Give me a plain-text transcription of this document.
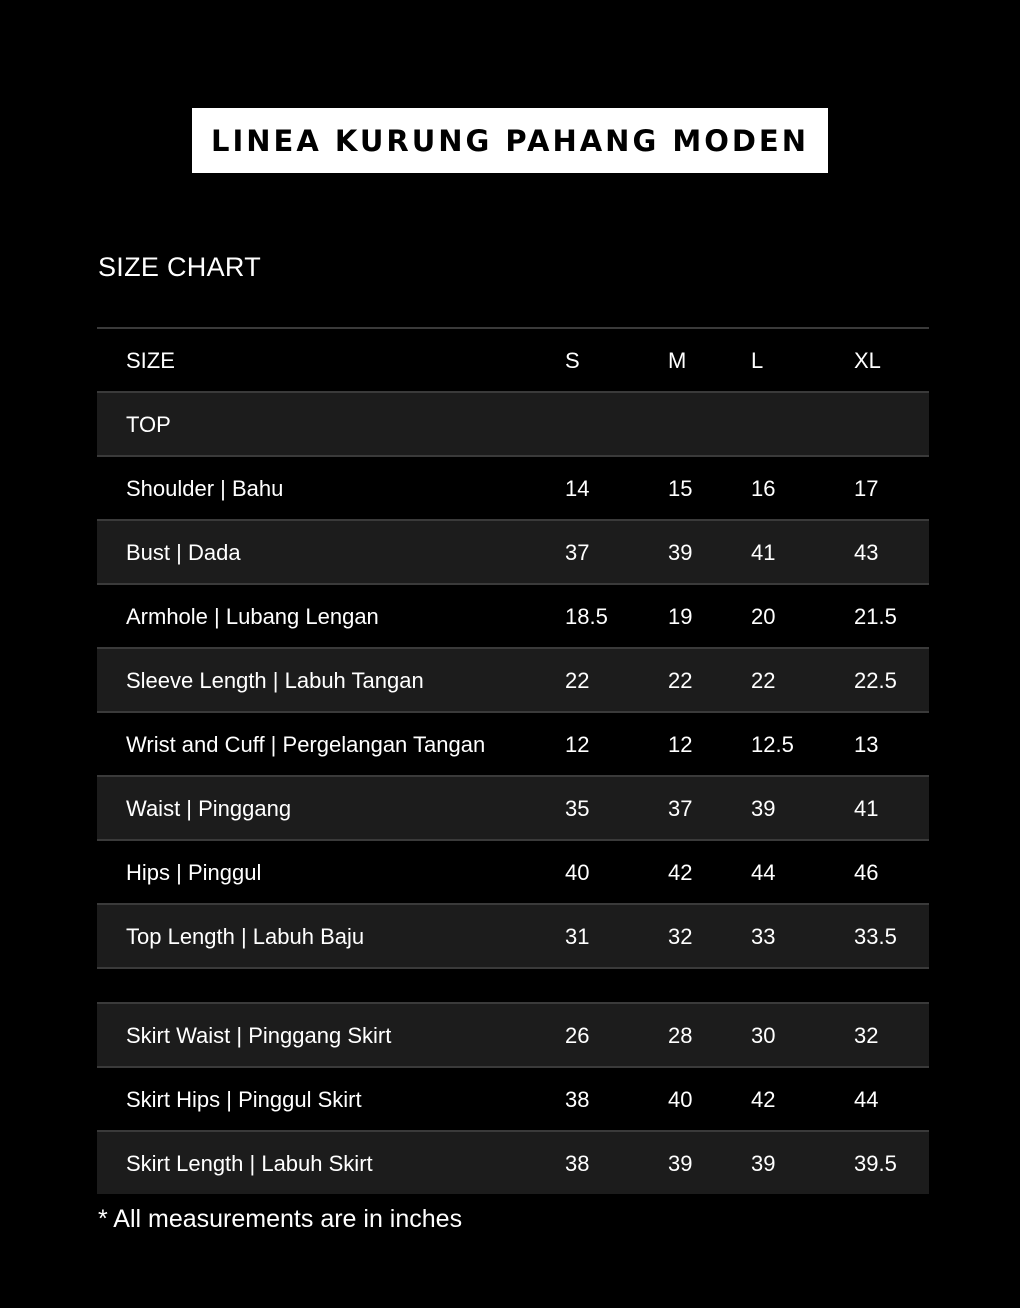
LINEA KURUNG PAHANG MODEN
SIZE CHART
SIZE	S	M	L	XL
TOP
Shoulder | Bahu	14	15	16	17
Bust | Dada	37	39	41	43
Armhole | Lubang Lengan	18.5	19	20	21.5
Sleeve Length | Labuh Tangan	22	22	22	22.5
Wrist and Cuff | Pergelangan Tangan	12	12	12.5	13
Waist | Pinggang	35	37	39	41
Hips | Pinggul	40	42	44	46
Top Length | Labuh Baju	31	32	33	33.5
Skirt Waist | Pinggang Skirt	26	28	30	32
Skirt Hips | Pinggul Skirt	38	40	42	44
Skirt Length | Labuh Skirt	38	39	39	39.5
* All measurements are in inches
